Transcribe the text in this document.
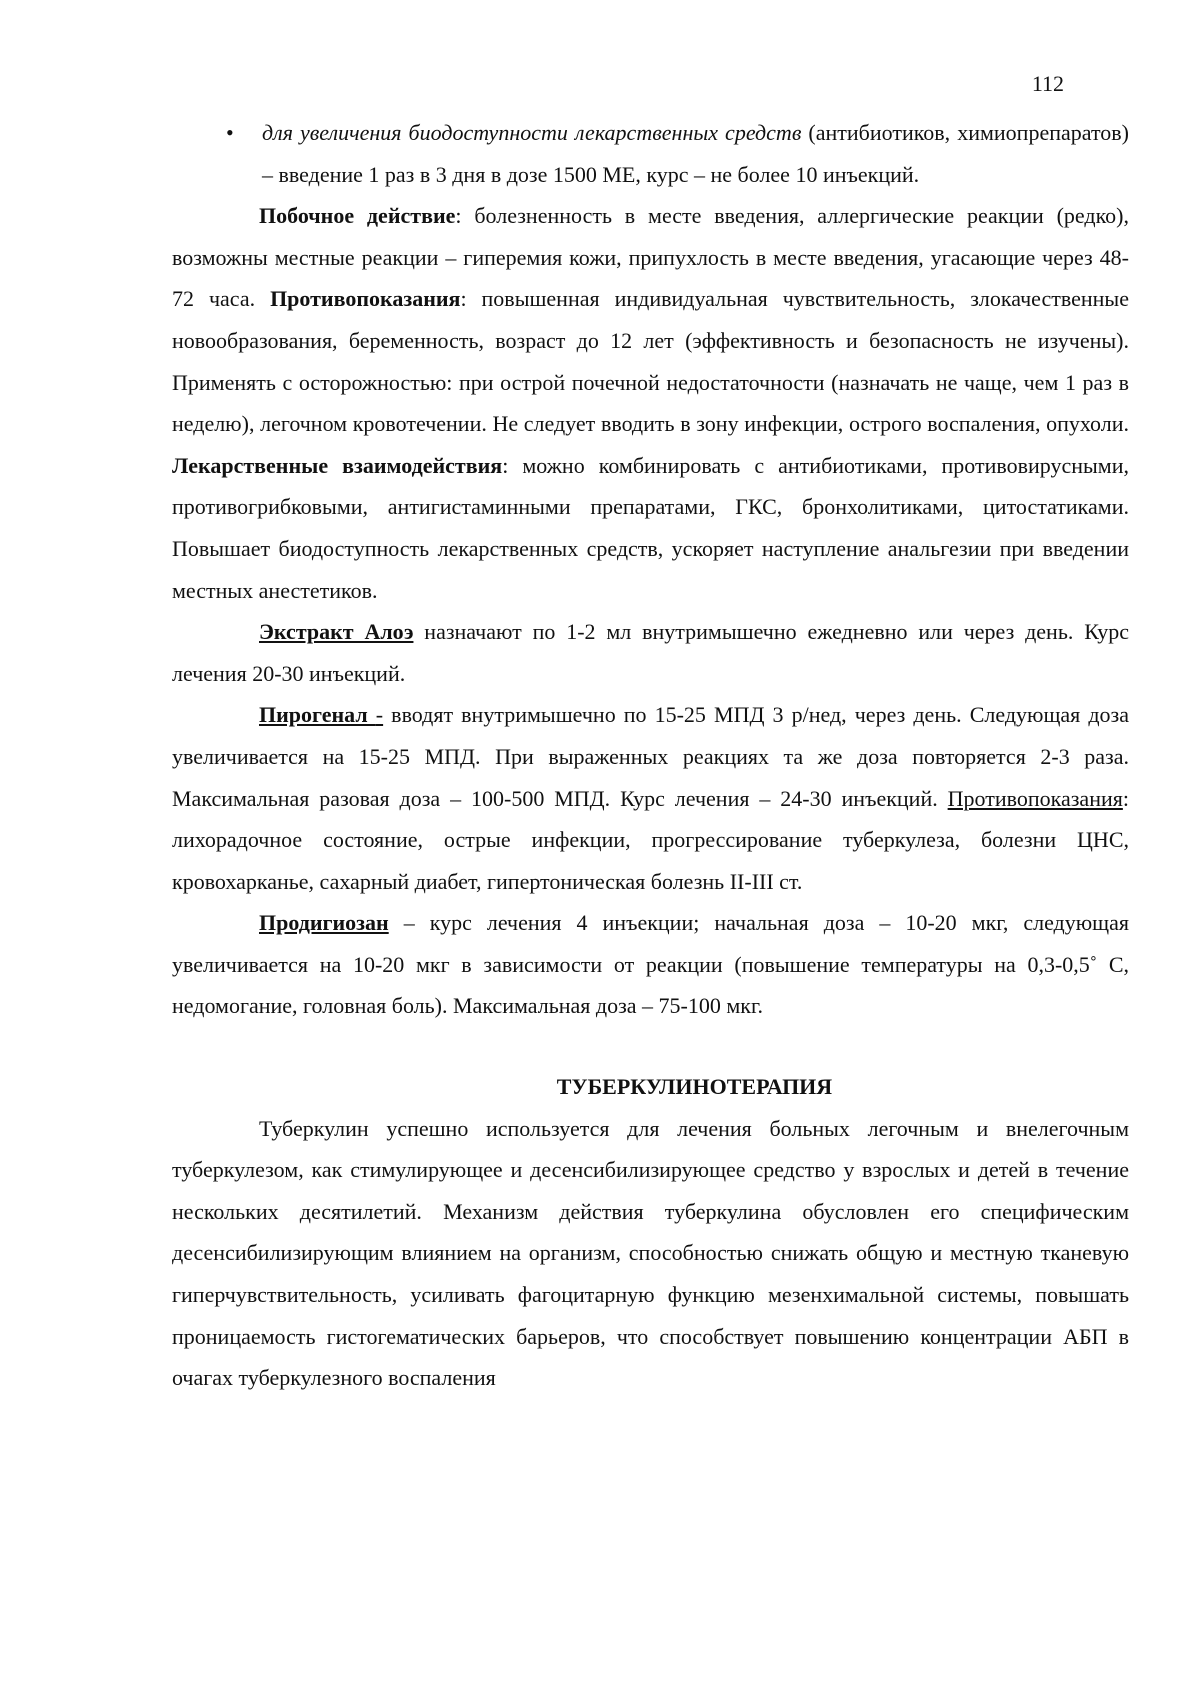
112
• для увеличения биодоступности лекарственных средств (антибиотиков, химиопрепаратов) – введение 1 раз в 3 дня в дозе 1500 МЕ, курс – не более 10 инъекций.

Побочное действие: болезненность в месте введения, аллергические реакции (редко), возможны местные реакции – гиперемия кожи, припухлость в месте введения, угасающие через 48-72 часа. Противопоказания: повышенная индивидуальная чувствительность, злокачественные новообразования, беременность, возраст до 12 лет (эффективность и безопасность не изучены). Применять с осторожностью: при острой почечной недостаточности (назначать не чаще, чем 1 раз в неделю), легочном кровотечении. Не следует вводить в зону инфекции, острого воспаления, опухоли. Лекарственные взаимодействия: можно комбинировать с антибиотиками, противовирусными, противогрибковыми, антигистаминными препаратами, ГКС, бронхолитиками, цитостатиками. Повышает биодоступность лекарственных средств, ускоряет наступление анальгезии при введении местных анестетиков.

Экстракт Алоэ назначают по 1-2 мл внутримышечно ежедневно или через день. Курс лечения 20-30 инъекций.

Пирогенал - вводят внутримышечно по 15-25 МПД 3 р/нед, через день. Следующая доза увеличивается на 15-25 МПД. При выраженных реакциях та же доза повторяется 2-3 раза. Максимальная разовая доза – 100-500 МПД. Курс лечения – 24-30 инъекций. Противопоказания: лихорадочное состояние, острые инфекции, прогрессирование туберкулеза, болезни ЦНС, кровохарканье, сахарный диабет, гипертоническая болезнь II-III ст.

Продигиозан – курс лечения 4 инъекции; начальная доза – 10-20 мкг, следующая увеличивается на 10-20 мкг в зависимости от реакции (повышение температуры на 0,3-0,5˚ С, недомогание, головная боль). Максимальная доза – 75-100 мкг.

ТУБЕРКУЛИНОТЕРАПИЯ

Туберкулин успешно используется для лечения больных легочным и внелегочным туберкулезом, как стимулирующее и десенсибилизирующее средство у взрослых и детей в течение нескольких десятилетий. Механизм действия туберкулина обусловлен его специфическим десенсибилизирующим влиянием на организм, способностью снижать общую и местную тканевую гиперчувствительность, усиливать фагоцитарную функцию мезенхимальной системы, повышать проницаемость гистогематических барьеров, что способствует повышению концентрации АБП в очагах туберкулезного воспаления
